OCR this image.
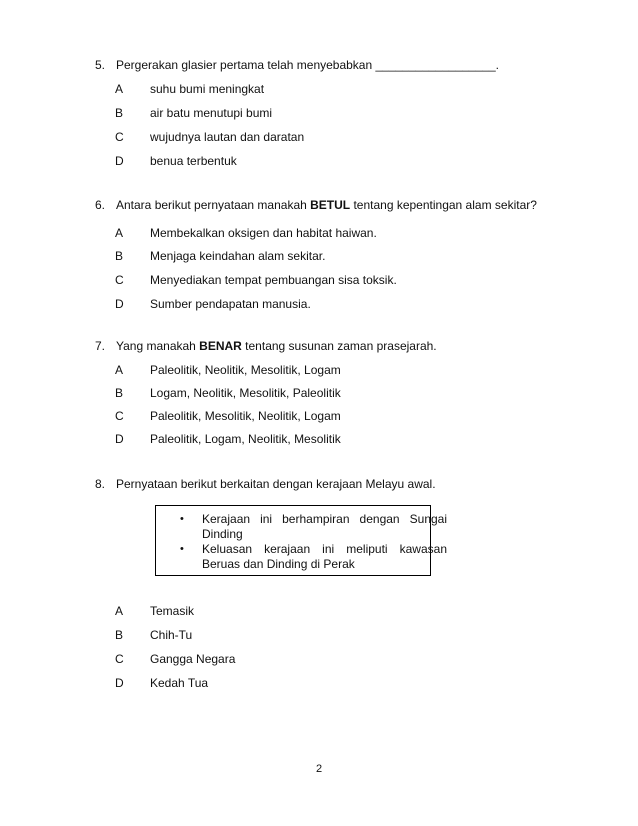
5. Pergerakan glasier pertama telah menyebabkan __________________.
A suhu bumi meningkat
B air batu menutupi bumi
C wujudnya lautan dan daratan
D benua terbentuk
6. Antara berikut pernyataan manakah BETUL tentang kepentingan alam sekitar?
A Membekalkan oksigen dan habitat haiwan.
B Menjaga keindahan alam sekitar.
C Menyediakan tempat pembuangan sisa toksik.
D Sumber pendapatan manusia.
7. Yang manakah BENAR tentang susunan zaman prasejarah.
A Paleolitik, Neolitik, Mesolitik, Logam
B Logam, Neolitik, Mesolitik, Paleolitik
C Paleolitik, Mesolitik, Neolitik, Logam
D Paleolitik, Logam, Neolitik, Mesolitik
8. Pernyataan berikut berkaitan dengan kerajaan Melayu awal.
• Kerajaan ini berhampiran dengan Sungai Dinding
• Keluasan kerajaan ini meliputi kawasan Beruas dan Dinding di Perak
A Temasik
B Chih-Tu
C Gangga Negara
D Kedah Tua
2
